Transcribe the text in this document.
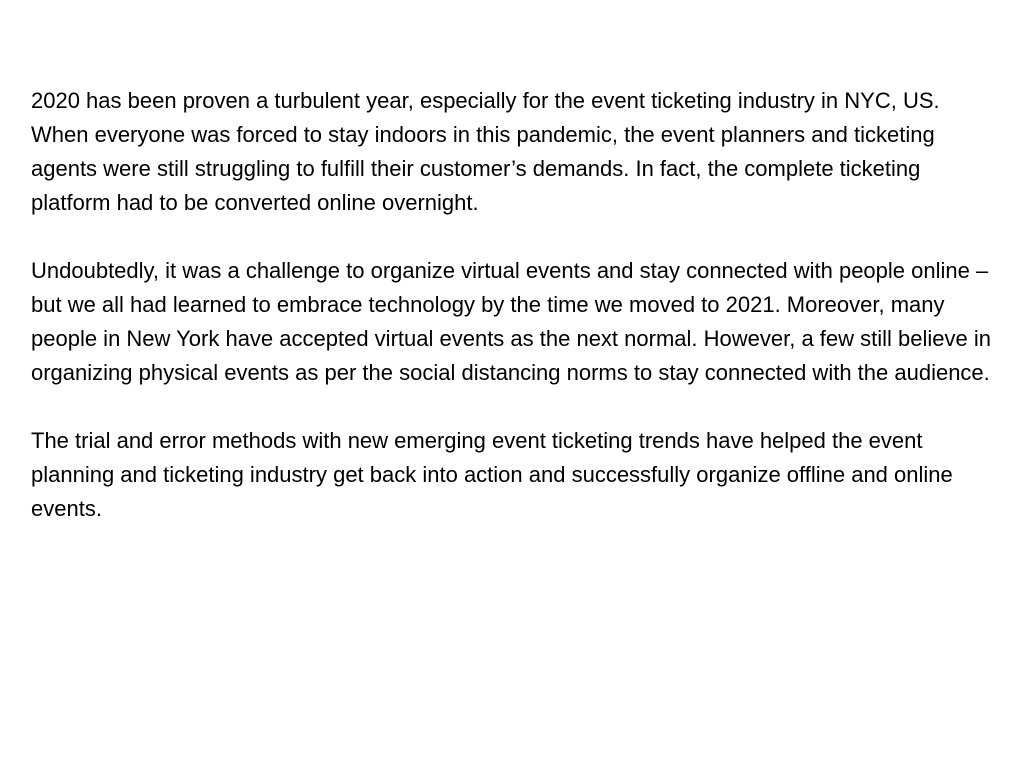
2020 has been proven a turbulent year, especially for the event ticketing industry in NYC, US. When everyone was forced to stay indoors in this pandemic, the event planners and ticketing agents were still struggling to fulfill their customer’s demands. In fact, the complete ticketing platform had to be converted online overnight.

Undoubtedly, it was a challenge to organize virtual events and stay connected with people online – but we all had learned to embrace technology by the time we moved to 2021. Moreover, many people in New York have accepted virtual events as the next normal. However, a few still believe in organizing physical events as per the social distancing norms to stay connected with the audience.

The trial and error methods with new emerging event ticketing trends have helped the event planning and ticketing industry get back into action and successfully organize offline and online events.
